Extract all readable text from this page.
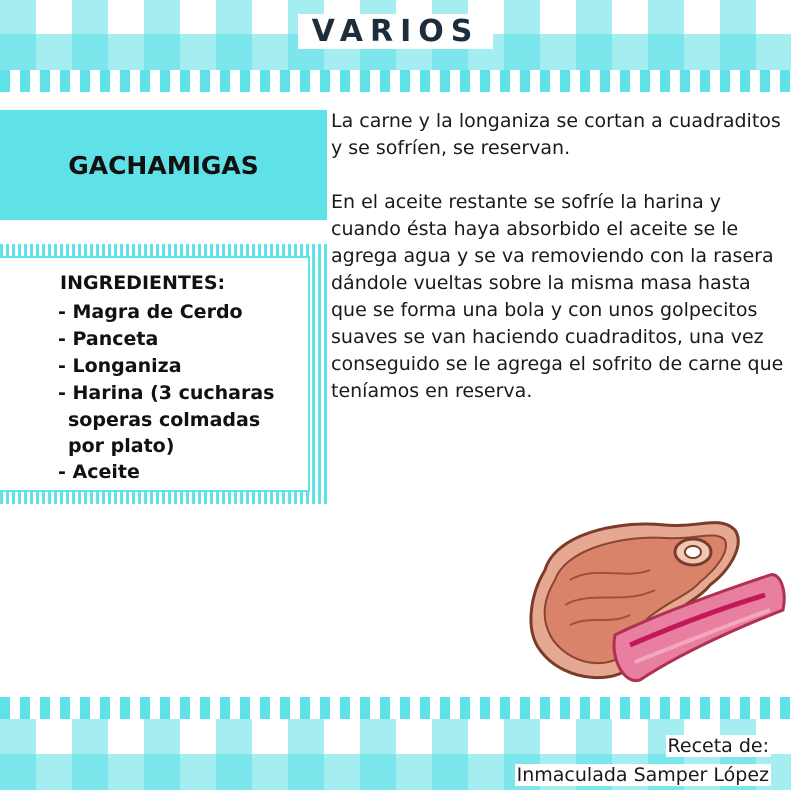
VARIOS
GACHAMIGAS
INGREDIENTES:
- Magra de Cerdo
- Panceta
- Longaniza
- Harina (3 cucharas
soperas colmadas
por plato)
- Aceite

La carne y la longaniza se cortan a cuadraditos y se sofríen, se reservan.

En el aceite restante se sofríe la harina y cuando ésta haya absorbido el aceite se le agrega agua y se va removiendo con la rasera dándole vueltas sobre la misma masa hasta que se forma una bola y con unos golpecitos suaves se van haciendo cuadraditos, una vez conseguido se le agrega el sofrito de carne que teníamos en reserva.

Receta de:
Inmaculada Samper López
